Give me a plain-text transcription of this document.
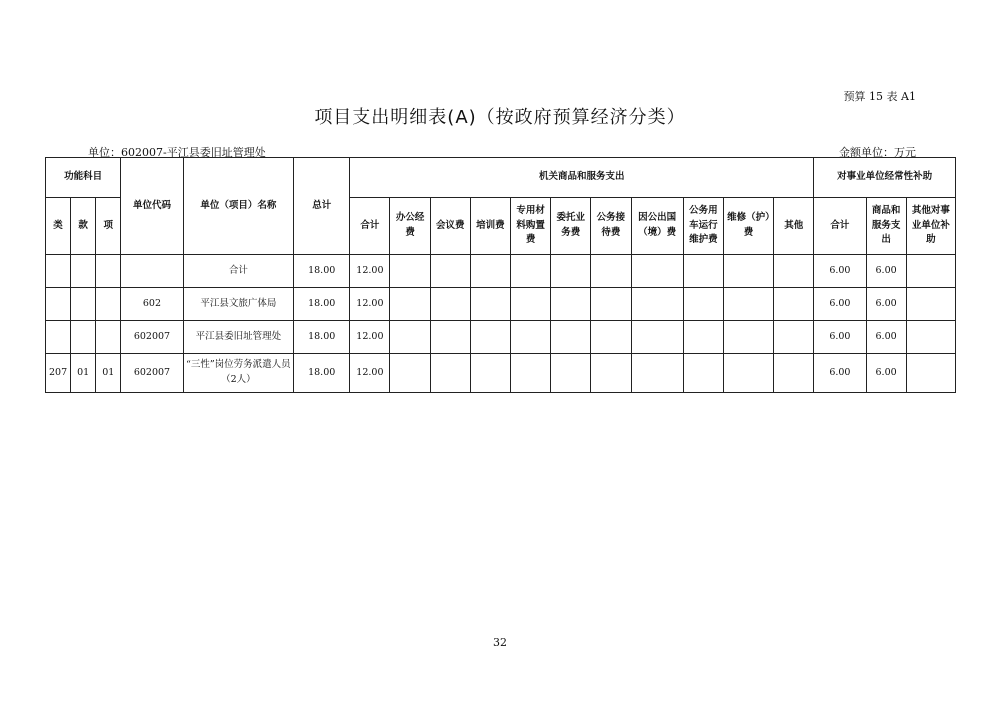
预算 15 表 A1
项目支出明细表(A)（按政府预算经济分类）
单位：602007-平江县委旧址管理处	金额单位：万元
功能科目			单位代码	单位（项目）名称	总计	机关商品和服务支出											对事业单位经常性补助		
类	款	项				合计	办公经费	会议费	培训费	专用材料购置费	委托业务费	公务接待费	因公出国（境）费	公务用车运行维护费	维修（护）费	其他	合计	商品和服务支出	其他对事业单位补助
				合计	18.00	12.00											6.00	6.00	
			602	平江县文旅广体局	18.00	12.00											6.00	6.00	
			602007	平江县委旧址管理处	18.00	12.00											6.00	6.00	
207	01	01	602007	“三性”岗位劳务派遣人员（2人）	18.00	12.00											6.00	6.00	
32
